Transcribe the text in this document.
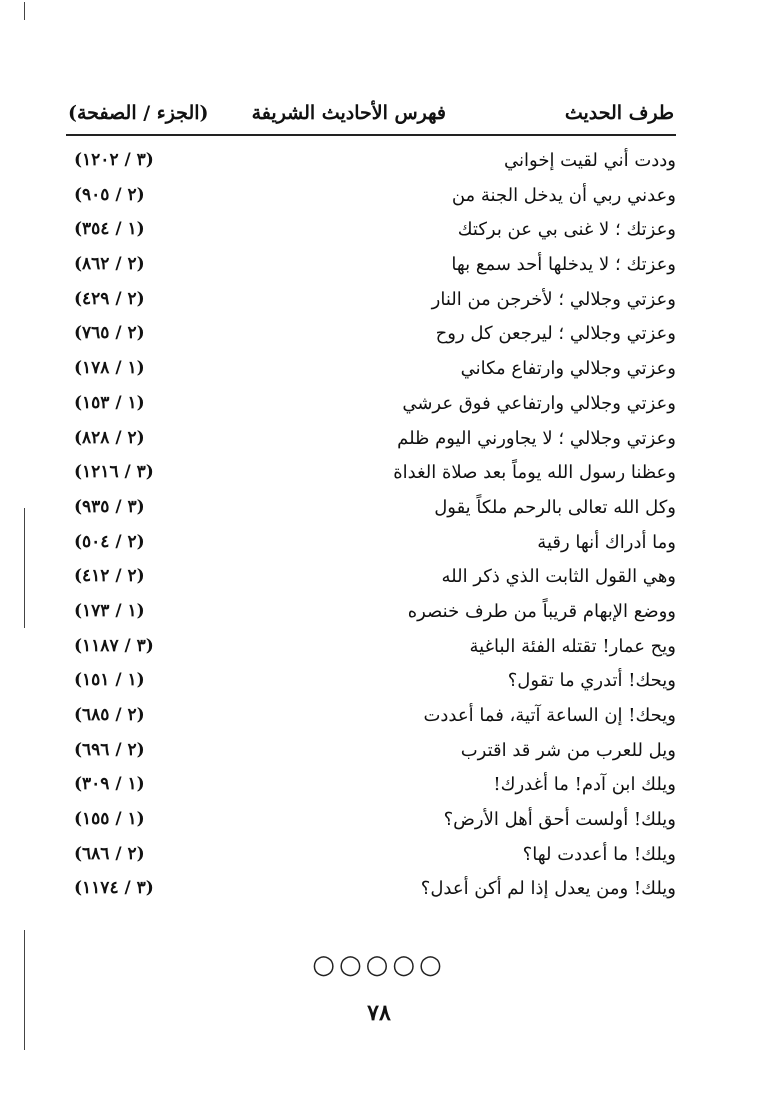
طرف الحديث
فهرس الأحاديث الشريفة
(الجزء / الصفحة)
وددت أني لقيت إخواني
(٣ / ١٢٠٢)
وعدني ربي أن يدخل الجنة من
(٢ / ٩٠٥)
وعزتك ؛ لا غنى بي عن بركتك
(١ / ٣٥٤)
وعزتك ؛ لا يدخلها أحد سمع بها
(٢ / ٨٦٢)
وعزتي وجلالي ؛ لأخرجن من النار
(٢ / ٤٢٩)
وعزتي وجلالي ؛ ليرجعن كل روح
(٢ / ٧٦٥)
وعزتي وجلالي وارتفاع مكاني
(١ / ١٧٨)
وعزتي وجلالي وارتفاعي فوق عرشي
(١ / ١٥٣)
وعزتي وجلالي ؛ لا يجاورني اليوم ظلم
(٢ / ٨٢٨)
وعظنا رسول الله يوماً بعد صلاة الغداة
(٣ / ١٢١٦)
وكل الله تعالى بالرحم ملكاً يقول
(٣ / ٩٣٥)
وما أدراك أنها رقية
(٢ / ٥٠٤)
وهي القول الثابت الذي ذكر الله
(٢ / ٤١٢)
ووضع الإبهام قريباً من طرف خنصره
(١ / ١٧٣)
ويح عمار! تقتله الفئة الباغية
(٣ / ١١٨٧)
ويحك! أتدري ما تقول؟
(١ / ١٥١)
ويحك! إن الساعة آتية، فما أعددت
(٢ / ٦٨٥)
ويل للعرب من شر قد اقترب
(٢ / ٦٩٦)
ويلك ابن آدم! ما أغدرك!
(١ / ٣٠٩)
ويلك! أولست أحق أهل الأرض؟
(١ / ١٥٥)
ويلك! ما أعددت لها؟
(٢ / ٦٨٦)
ويلك! ومن يعدل إذا لم أكن أعدل؟
(٣ / ١١٧٤)
○○○○○
٧٨
